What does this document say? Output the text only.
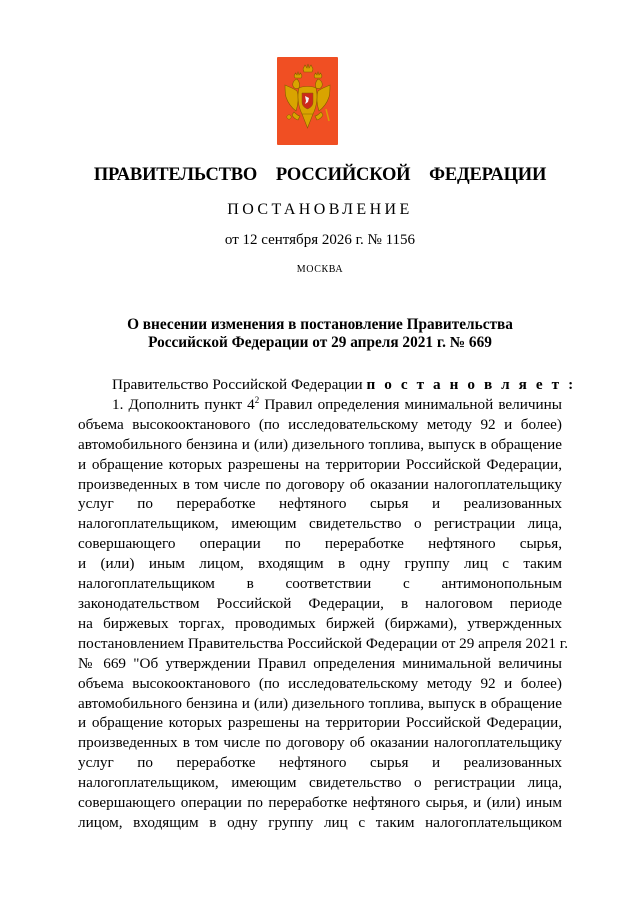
ПРАВИТЕЛЬСТВО  РОССИЙСКОЙ  ФЕДЕРАЦИИ
ПОСТАНОВЛЕНИЕ
от 12 сентября 2026 г. № 1156
МОСКВА
О внесении изменения в постановление Правительства
Российской Федерации от 29 апреля 2021 г. № 669
Правительство Российской Федерации п о с т а н о в л я е т :
1. Дополнить пункт $4^2$ Правил определения минимальной величины
объема высокооктанового (по исследовательскому методу 92 и более)
автомобильного бензина и (или) дизельного топлива, выпуск в обращение
и обращение которых разрешены на территории Российской Федерации,
произведенных в том числе по договору об оказании налогоплательщику
услуг по переработке нефтяного сырья и реализованных
налогоплательщиком, имеющим свидетельство о регистрации лица,
совершающего операции по переработке нефтяного сырья,
и (или) иным лицом, входящим в одну группу лиц с таким
налогоплательщиком в соответствии с антимонопольным
законодательством Российской Федерации, в налоговом периоде
на биржевых торгах, проводимых биржей (биржами), утвержденных
постановлением Правительства Российской Федерации от 29 апреля 2021 г.
№ 669 "Об утверждении Правил определения минимальной величины
объема высокооктанового (по исследовательскому методу 92 и более)
автомобильного бензина и (или) дизельного топлива, выпуск в обращение
и обращение которых разрешены на территории Российской Федерации,
произведенных в том числе по договору об оказании налогоплательщику
услуг по переработке нефтяного сырья и реализованных
налогоплательщиком, имеющим свидетельство о регистрации лица,
совершающего операции по переработке нефтяного сырья, и (или) иным
лицом, входящим в одну группу лиц с таким налогоплательщиком
